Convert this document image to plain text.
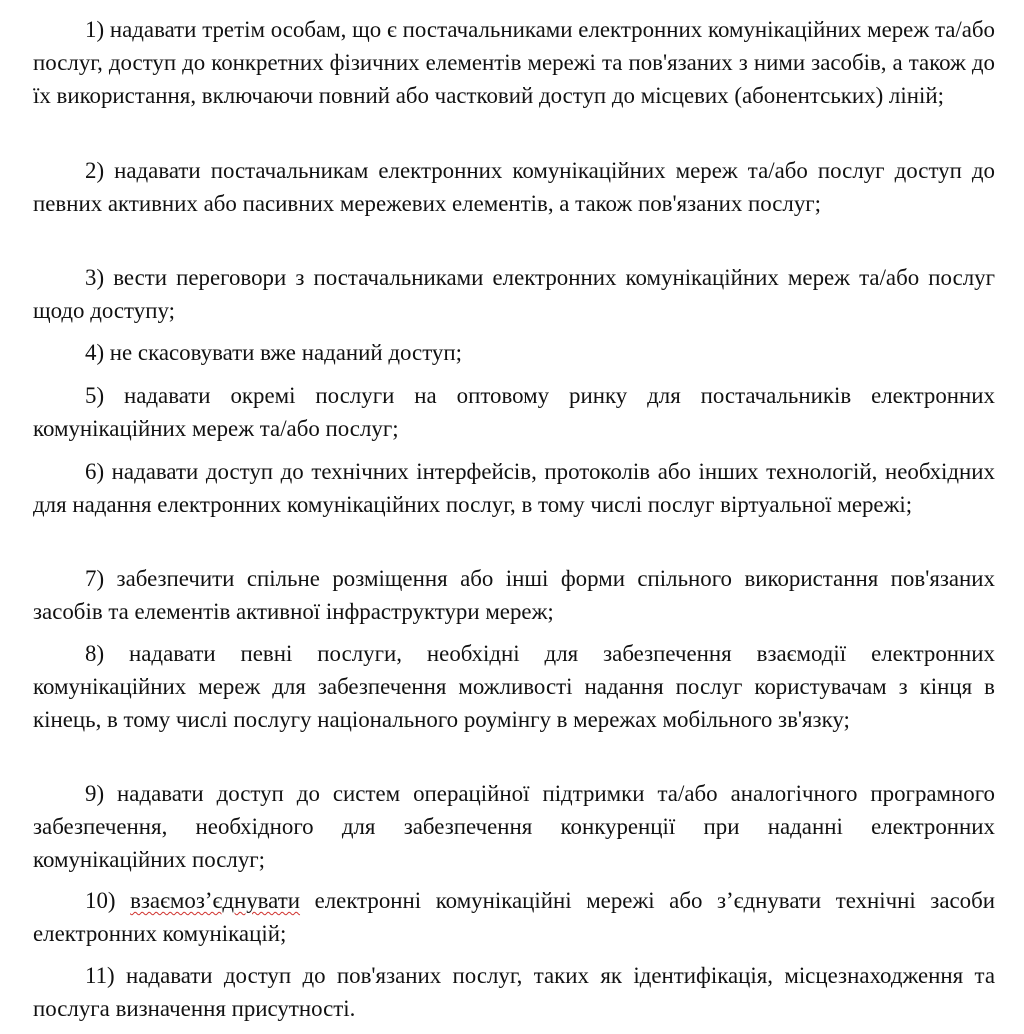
1) надавати третім особам, що є постачальниками електронних комунікаційних мереж та/або послуг, доступ до конкретних фізичних елементів мережі та пов'язаних з ними засобів, а також до їх використання, включаючи повний або частковий доступ до місцевих (абонентських) ліній;

2) надавати постачальникам електронних комунікаційних мереж та/або послуг доступ до певних активних або пасивних мережевих елементів, а також пов'язаних послуг;

3) вести переговори з постачальниками електронних комунікаційних мереж та/або послуг щодо доступу;

4) не скасовувати вже наданий доступ;

5) надавати окремі послуги на оптовому ринку для постачальників електронних комунікаційних мереж та/або послуг;

6) надавати доступ до технічних інтерфейсів, протоколів або інших технологій, необхідних для надання електронних комунікаційних послуг, в тому числі послуг віртуальної мережі;

7) забезпечити спільне розміщення або інші форми спільного використання пов'язаних засобів та елементів активної інфраструктури мереж;

8) надавати певні послуги, необхідні для забезпечення взаємодії електронних комунікаційних мереж для забезпечення можливості надання послуг користувачам з кінця в кінець, в тому числі послугу національного роумінгу в мережах мобільного зв'язку;

9) надавати доступ до систем операційної підтримки та/або аналогічного програмного забезпечення, необхідного для забезпечення конкуренції при наданні електронних комунікаційних послуг;

10) взаємоз’єднувати електронні комунікаційні мережі або з’єднувати технічні засоби електронних комунікацій;

11) надавати доступ до пов'язаних послуг, таких як ідентифікація, місцезнаходження та послуга визначення присутності.
